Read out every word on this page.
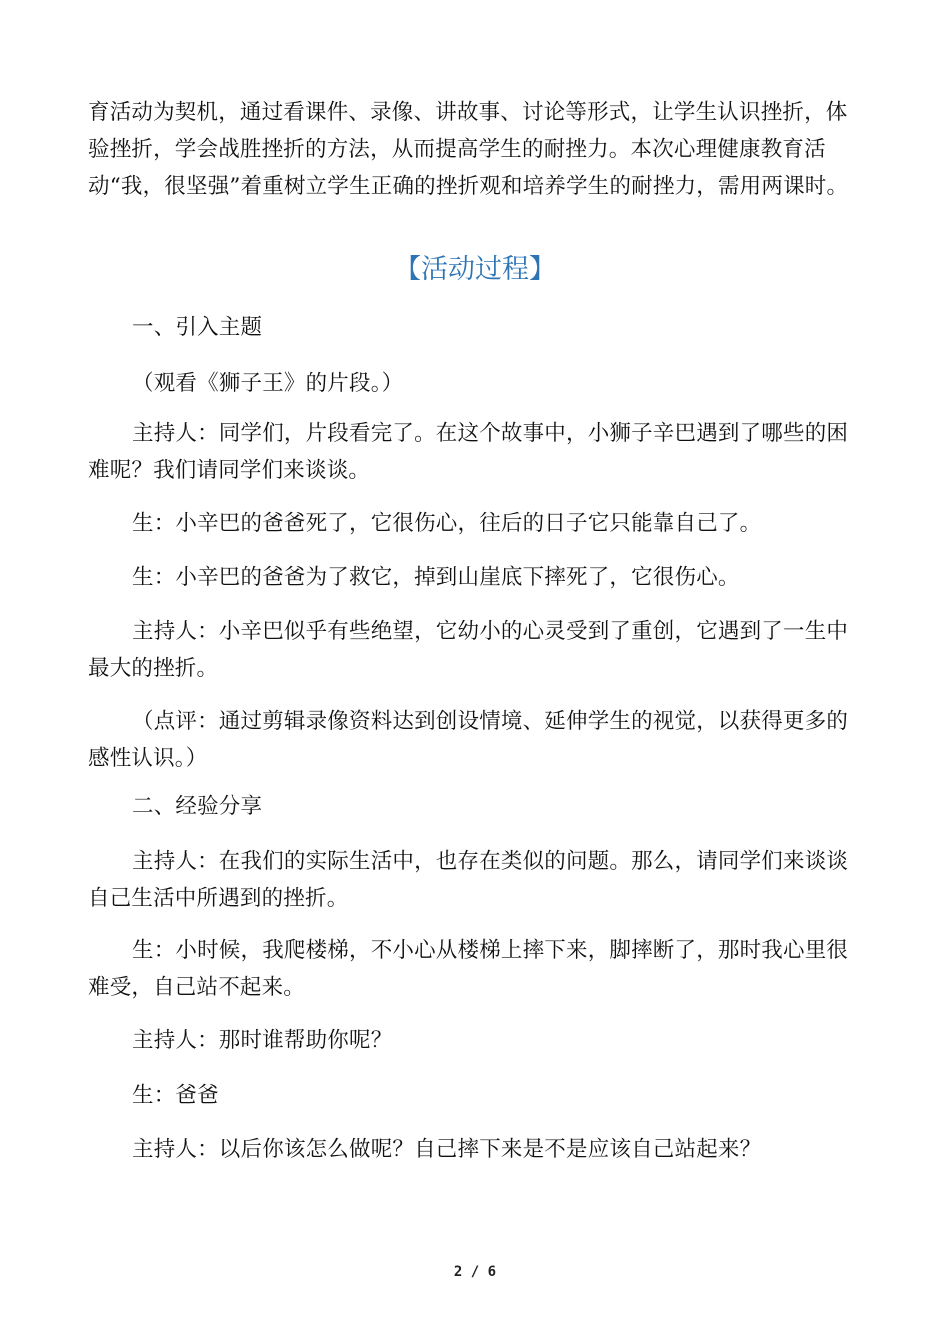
育活动为契机，通过看课件、录像、讲故事、讨论等形式，让学生认识挫折，体验挫折，学会战胜挫折的方法，从而提高学生的耐挫力。本次心理健康教育活动“我，很坚强”着重树立学生正确的挫折观和培养学生的耐挫力，需用两课时。
【活动过程】
一、引入主题
（观看《狮子王》的片段。）
主持人：同学们，片段看完了。在这个故事中，小狮子辛巴遇到了哪些的困难呢？我们请同学们来谈谈。
生：小辛巴的爸爸死了，它很伤心，往后的日子它只能靠自己了。
生：小辛巴的爸爸为了救它，掉到山崖底下摔死了，它很伤心。
主持人：小辛巴似乎有些绝望，它幼小的心灵受到了重创，它遇到了一生中最大的挫折。
（点评：通过剪辑录像资料达到创设情境、延伸学生的视觉，以获得更多的感性认识。）
二、经验分享
主持人：在我们的实际生活中，也存在类似的问题。那么，请同学们来谈谈自己生活中所遇到的挫折。
生：小时候，我爬楼梯，不小心从楼梯上摔下来，脚摔断了，那时我心里很难受，自己站不起来。
主持人：那时谁帮助你呢？
生：爸爸
主持人：以后你该怎么做呢？自己摔下来是不是应该自己站起来？
2 / 6
